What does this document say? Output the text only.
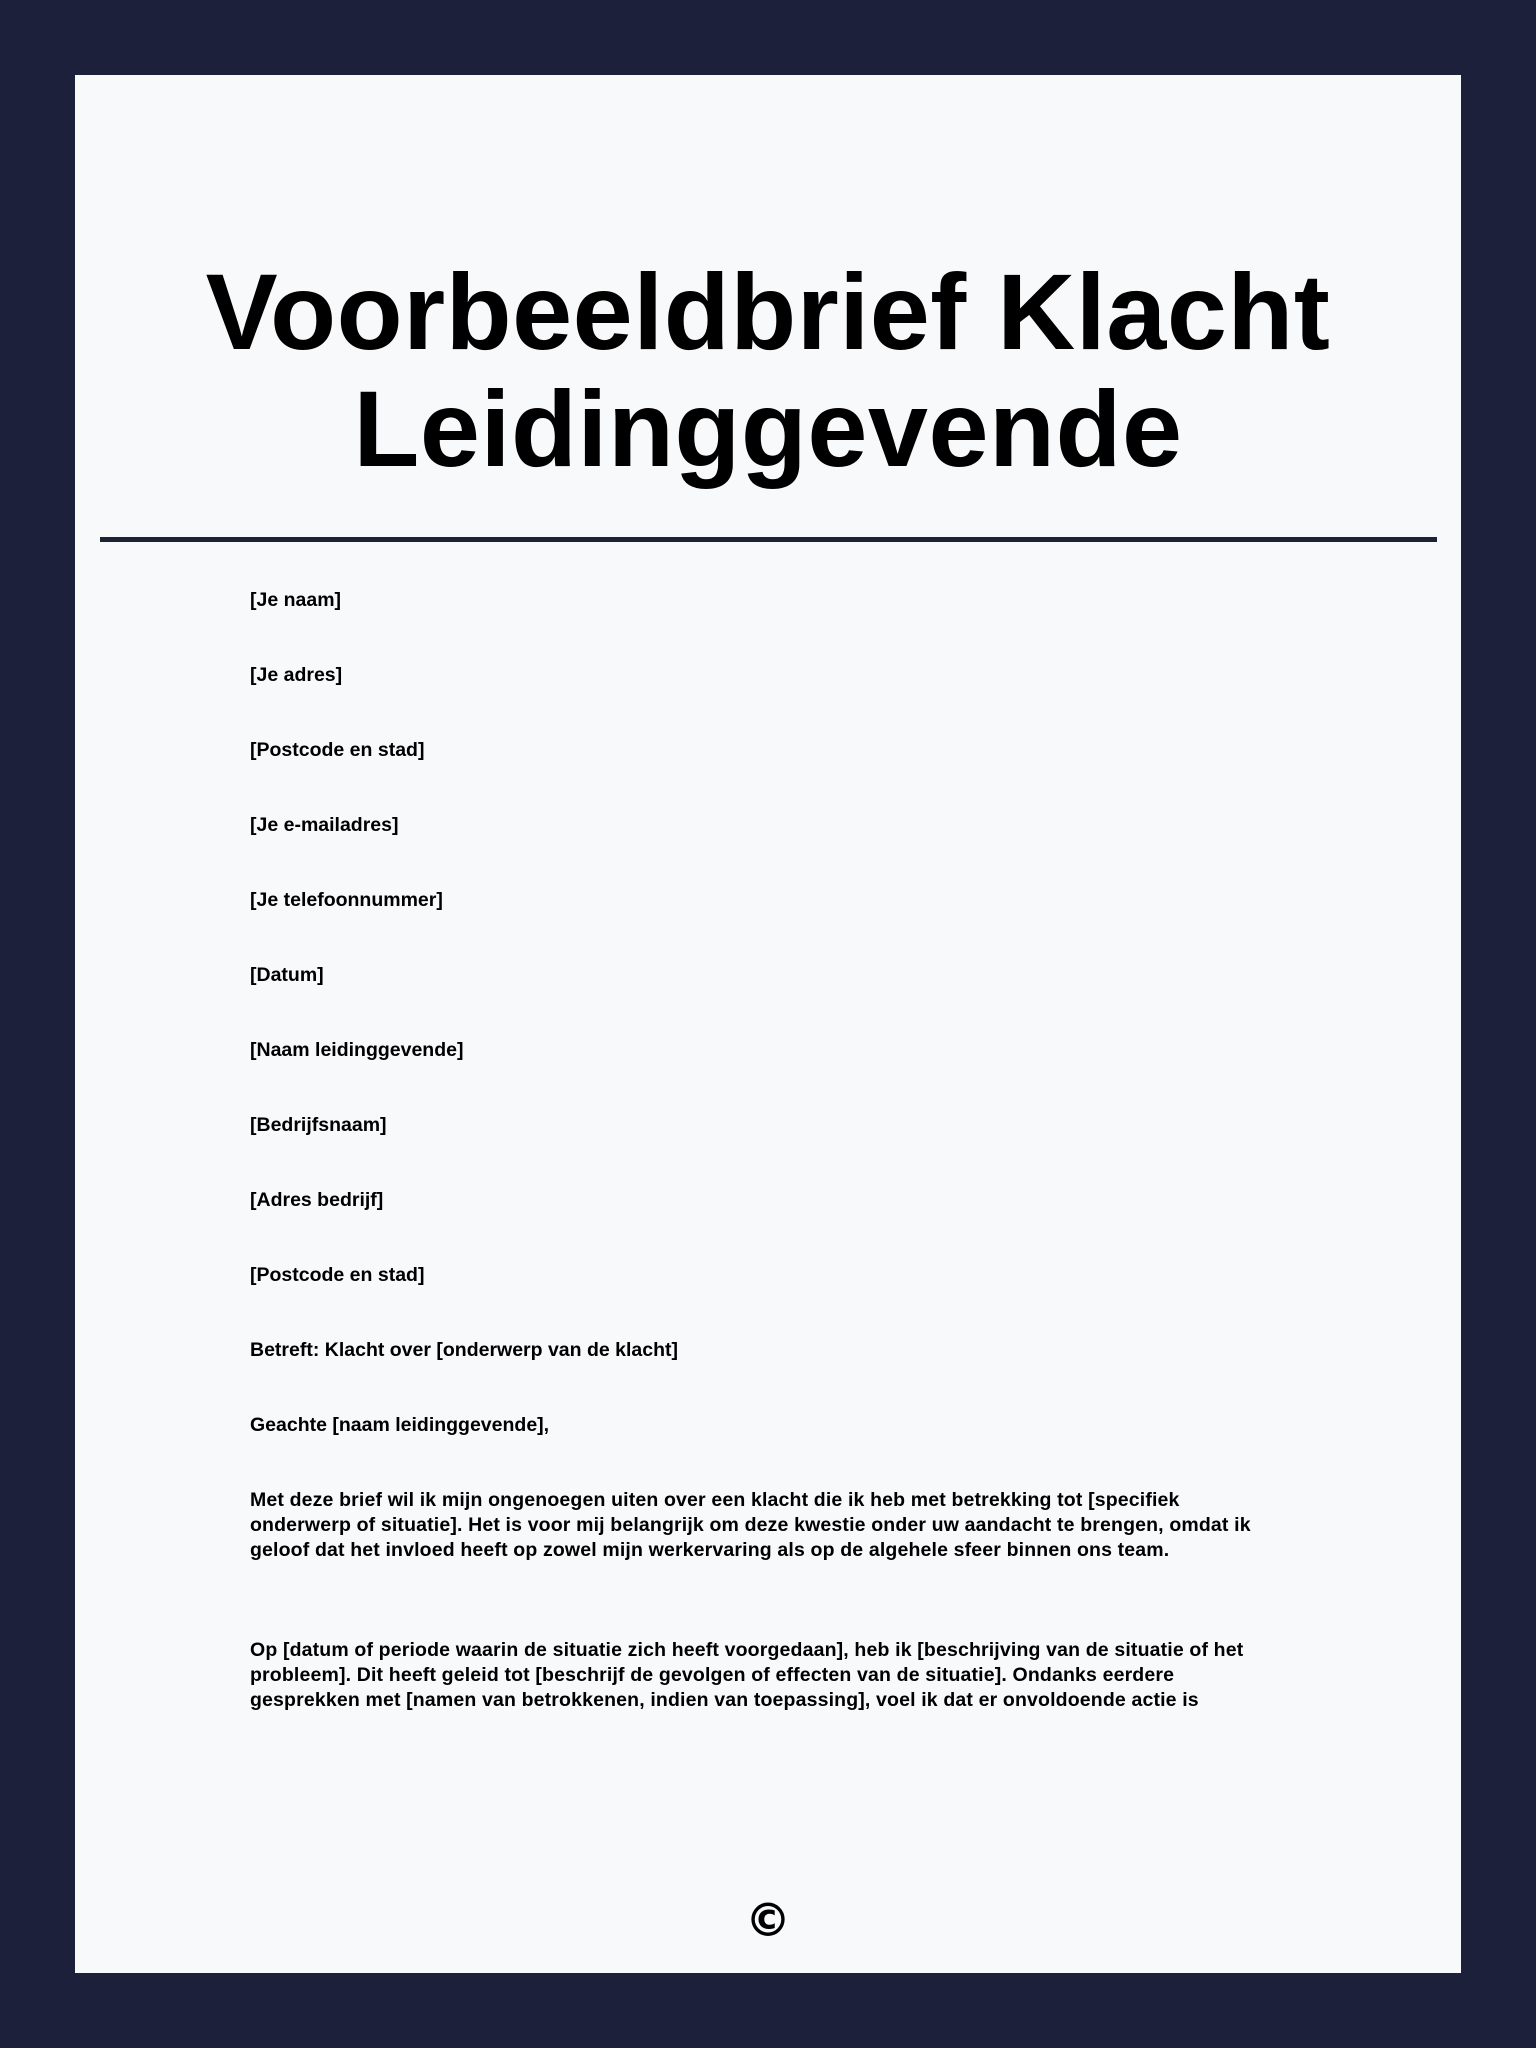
Voorbeeldbrief Klacht
Leidinggevende
[Je naam]
[Je adres]
[Postcode en stad]
[Je e-mailadres]
[Je telefoonnummer]
[Datum]
[Naam leidinggevende]
[Bedrijfsnaam]
[Adres bedrijf]
[Postcode en stad]
Betreft: Klacht over [onderwerp van de klacht]
Geachte [naam leidinggevende],

Met deze brief wil ik mijn ongenoegen uiten over een klacht die ik heb met betrekking tot [specifiek
onderwerp of situatie]. Het is voor mij belangrijk om deze kwestie onder uw aandacht te brengen, omdat ik
geloof dat het invloed heeft op zowel mijn werkervaring als op de algehele sfeer binnen ons team.

Op [datum of periode waarin de situatie zich heeft voorgedaan], heb ik [beschrijving van de situatie of het
probleem]. Dit heeft geleid tot [beschrijf de gevolgen of effecten van de situatie]. Ondanks eerdere
gesprekken met [namen van betrokkenen, indien van toepassing], voel ik dat er onvoldoende actie is

©
